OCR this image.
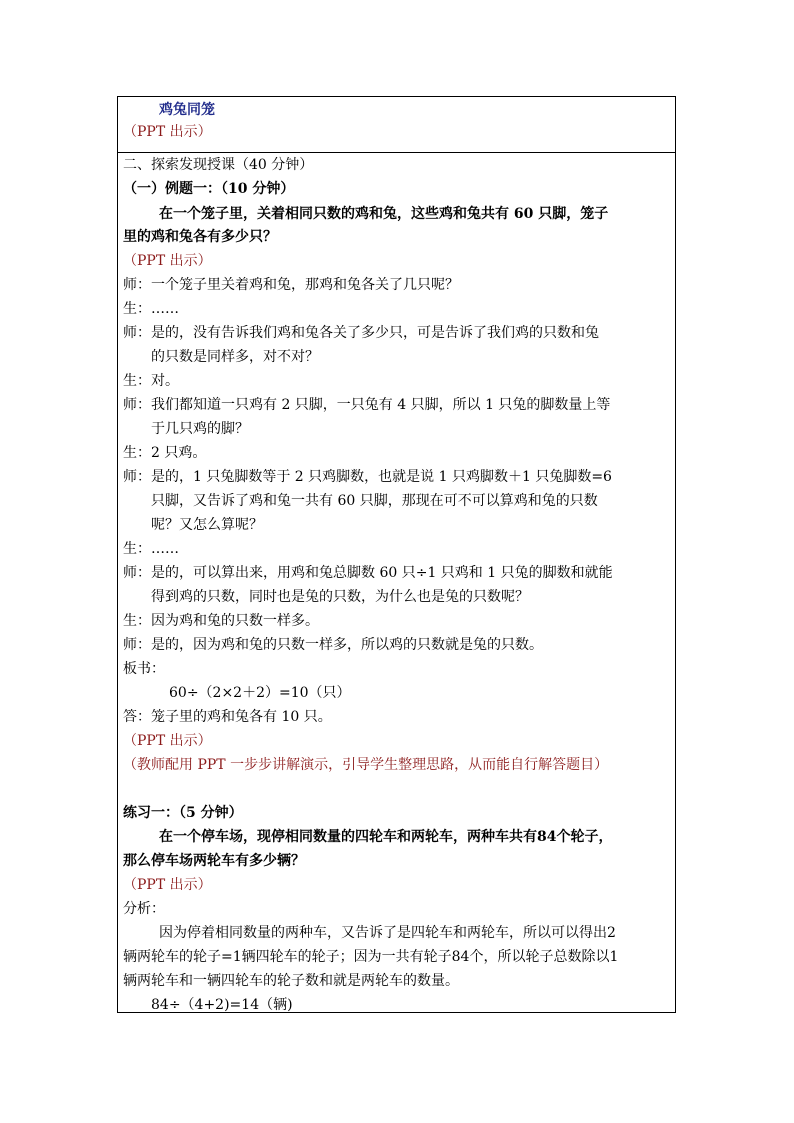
鸡兔同笼
（PPT 出示）
二、探索发现授课（40 分钟）
（一）例题一：（10 分钟）
在一个笼子里，关着相同只数的鸡和兔，这些鸡和兔共有 60 只脚，笼子
里的鸡和兔各有多少只？
（PPT 出示）
师：一个笼子里关着鸡和兔，那鸡和兔各关了几只呢？
生：……
师：是的，没有告诉我们鸡和兔各关了多少只，可是告诉了我们鸡的只数和兔
的只数是同样多，对不对？
生：对。
师：我们都知道一只鸡有 2 只脚，一只兔有 4 只脚，所以 1 只兔的脚数量上等
于几只鸡的脚？
生：2 只鸡。
师：是的，1 只兔脚数等于 2 只鸡脚数，也就是说 1 只鸡脚数＋1 只兔脚数=6
只脚，又告诉了鸡和兔一共有 60 只脚，那现在可不可以算鸡和兔的只数
呢？又怎么算呢？
生：……
师：是的，可以算出来，用鸡和兔总脚数 60 只÷1 只鸡和 1 只兔的脚数和就能
得到鸡的只数，同时也是兔的只数，为什么也是兔的只数呢？
生：因为鸡和兔的只数一样多。
师：是的，因为鸡和兔的只数一样多，所以鸡的只数就是兔的只数。
板书：
60÷（2×2＋2）=10（只）
答：笼子里的鸡和兔各有 10 只。
（PPT 出示）
（教师配用 PPT 一步步讲解演示，引导学生整理思路，从而能自行解答题目）
练习一：（5 分钟）
在一个停车场，现停相同数量的四轮车和两轮车，两种车共有84个轮子，
那么停车场两轮车有多少辆？
（PPT 出示）
分析：
因为停着相同数量的两种车，又告诉了是四轮车和两轮车，所以可以得出2
辆两轮车的轮子=1辆四轮车的轮子；因为一共有轮子84个，所以轮子总数除以1
辆两轮车和一辆四轮车的轮子数和就是两轮车的数量。
84÷（4+2)=14（辆)
